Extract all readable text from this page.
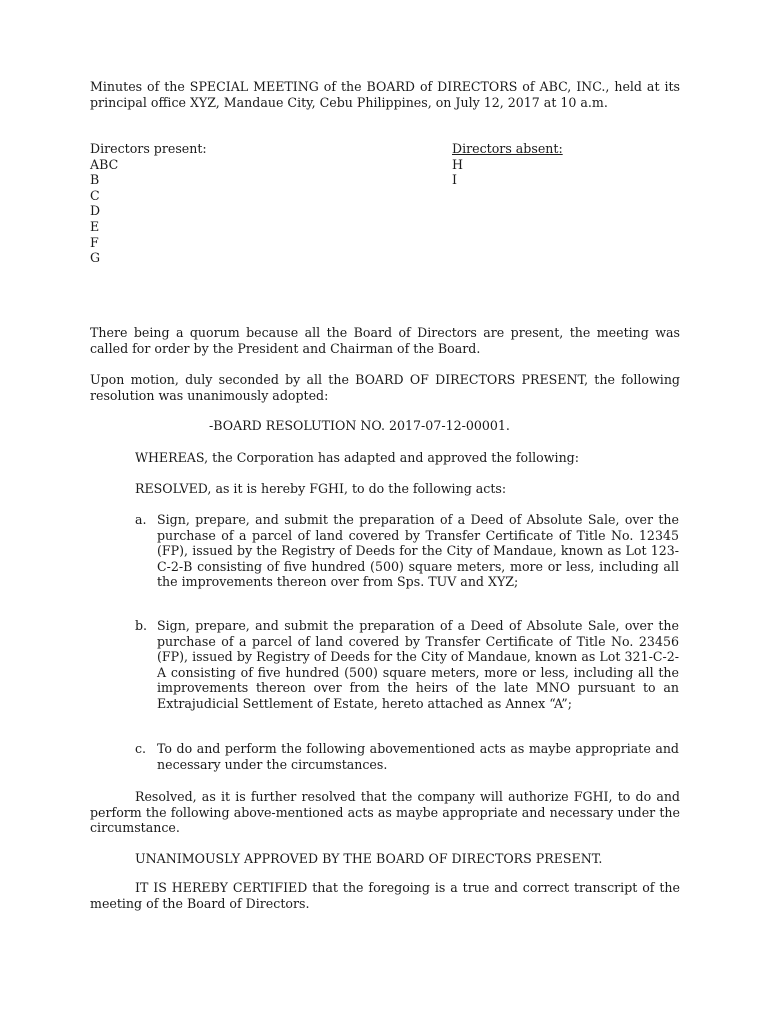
Minutes of the SPECIAL MEETING of the BOARD of DIRECTORS of ABC, INC., held at its principal office XYZ, Mandaue City, Cebu Philippines, on July 12, 2017 at 10 a.m.

Directors present:
ABC
B
C
D
E
F
G
Directors absent:
H
I

There being a quorum because all the Board of Directors are present, the meeting was called for order by the President and Chairman of the Board.

Upon motion, duly seconded by all the BOARD OF DIRECTORS PRESENT, the following resolution was unanimously adopted:

-BOARD RESOLUTION NO. 2017-07-12-00001.

WHEREAS, the Corporation has adapted and approved the following:

RESOLVED, as it is hereby FGHI, to do the following acts:

a. Sign, prepare, and submit the preparation of a Deed of Absolute Sale, over the purchase of a parcel of land covered by Transfer Certificate of Title No. 12345 (FP), issued by the Registry of Deeds for the City of Mandaue, known as Lot 123-C-2-B consisting of five hundred (500) square meters, more or less, including all the improvements thereon over from Sps. TUV and XYZ;
b. Sign, prepare, and submit the preparation of a Deed of Absolute Sale, over the purchase of a parcel of land covered by Transfer Certificate of Title No. 23456 (FP), issued by Registry of Deeds for the City of Mandaue, known as Lot 321-C-2-A consisting of five hundred (500) square meters, more or less, including all the improvements thereon over from the heirs of the late MNO pursuant to an Extrajudicial Settlement of Estate, hereto attached as Annex “A”;
c. To do and perform the following abovementioned acts as maybe appropriate and necessary under the circumstances.

Resolved, as it is further resolved that the company will authorize FGHI, to do and perform the following above-mentioned acts as maybe appropriate and necessary under the circumstance.

UNANIMOUSLY APPROVED BY THE BOARD OF DIRECTORS PRESENT.

IT IS HEREBY CERTIFIED that the foregoing is a true and correct transcript of the meeting of the Board of Directors.
